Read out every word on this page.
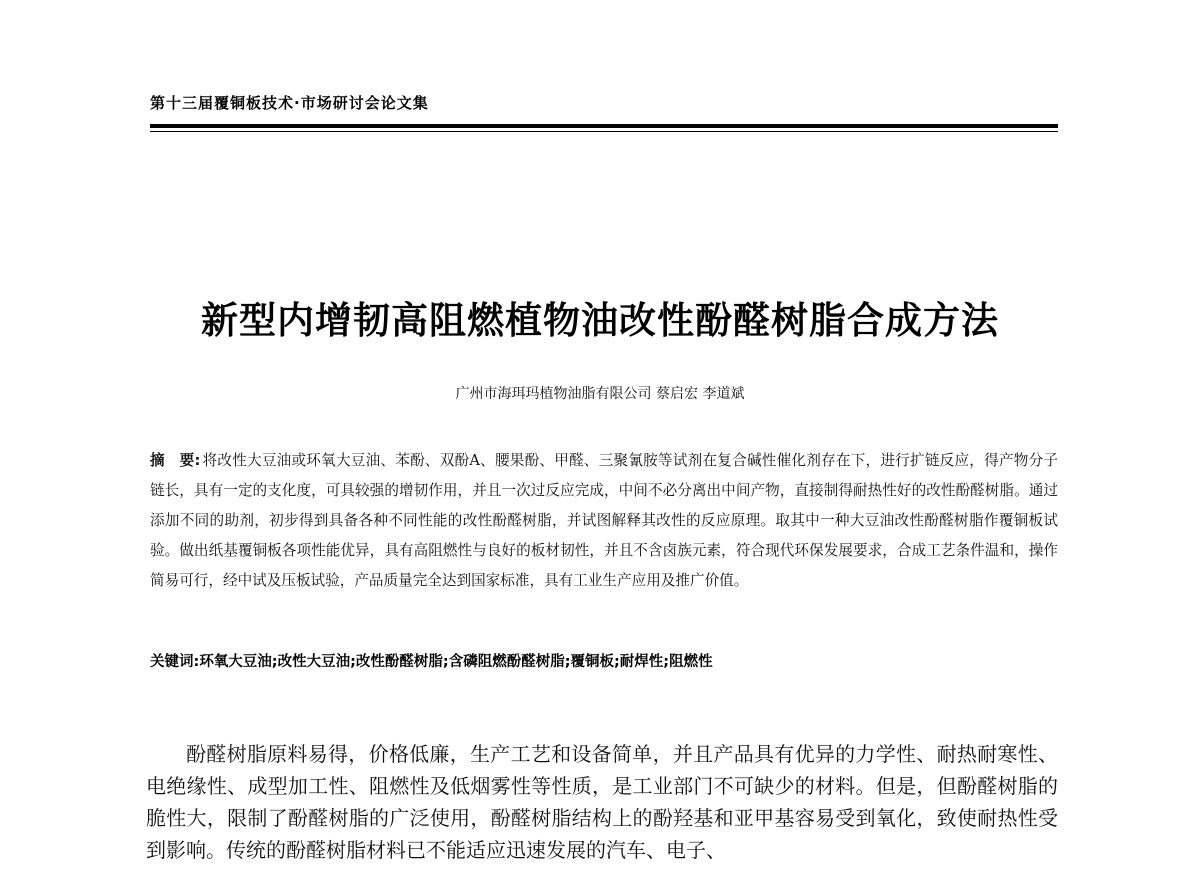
第十三届覆铜板技术·市场研讨会论文集
新型内增韧高阻燃植物油改性酚醛树脂合成方法
广州市海珥玛植物油脂有限公司 蔡启宏 李道斌
摘　要: 将改性大豆油或环氧大豆油、苯酚、双酚A、腰果酚、甲醛、三聚氰胺等试剂在复合碱性催化剂存在下，进行扩链反应，得产物分子链长，具有一定的支化度，可具较强的增韧作用，并且一次过反应完成，中间不必分离出中间产物，直接制得耐热性好的改性酚醛树脂。通过添加不同的助剂，初步得到具备各种不同性能的改性酚醛树脂，并试图解释其改性的反应原理。取其中一种大豆油改性酚醛树脂作覆铜板试验。做出纸基覆铜板各项性能优异，具有高阻燃性与良好的板材韧性，并且不含卤族元素，符合现代环保发展要求，合成工艺条件温和，操作简易可行，经中试及压板试验，产品质量完全达到国家标准，具有工业生产应用及推广价值。
关键词:环氧大豆油;改性大豆油;改性酚醛树脂;含磷阻燃酚醛树脂;覆铜板;耐焊性;阻燃性

酚醛树脂原料易得，价格低廉，生产工艺和设备简单，并且产品具有优异的力学性、耐热耐寒性、电绝缘性、成型加工性、阻燃性及低烟雾性等性质，是工业部门不可缺少的材料。但是，但酚醛树脂的脆性大，限制了酚醛树脂的广泛使用，酚醛树脂结构上的酚羟基和亚甲基容易受到氧化，致使耐热性受到影响。传统的酚醛树脂材料已不能适应迅速发展的汽车、电子、
